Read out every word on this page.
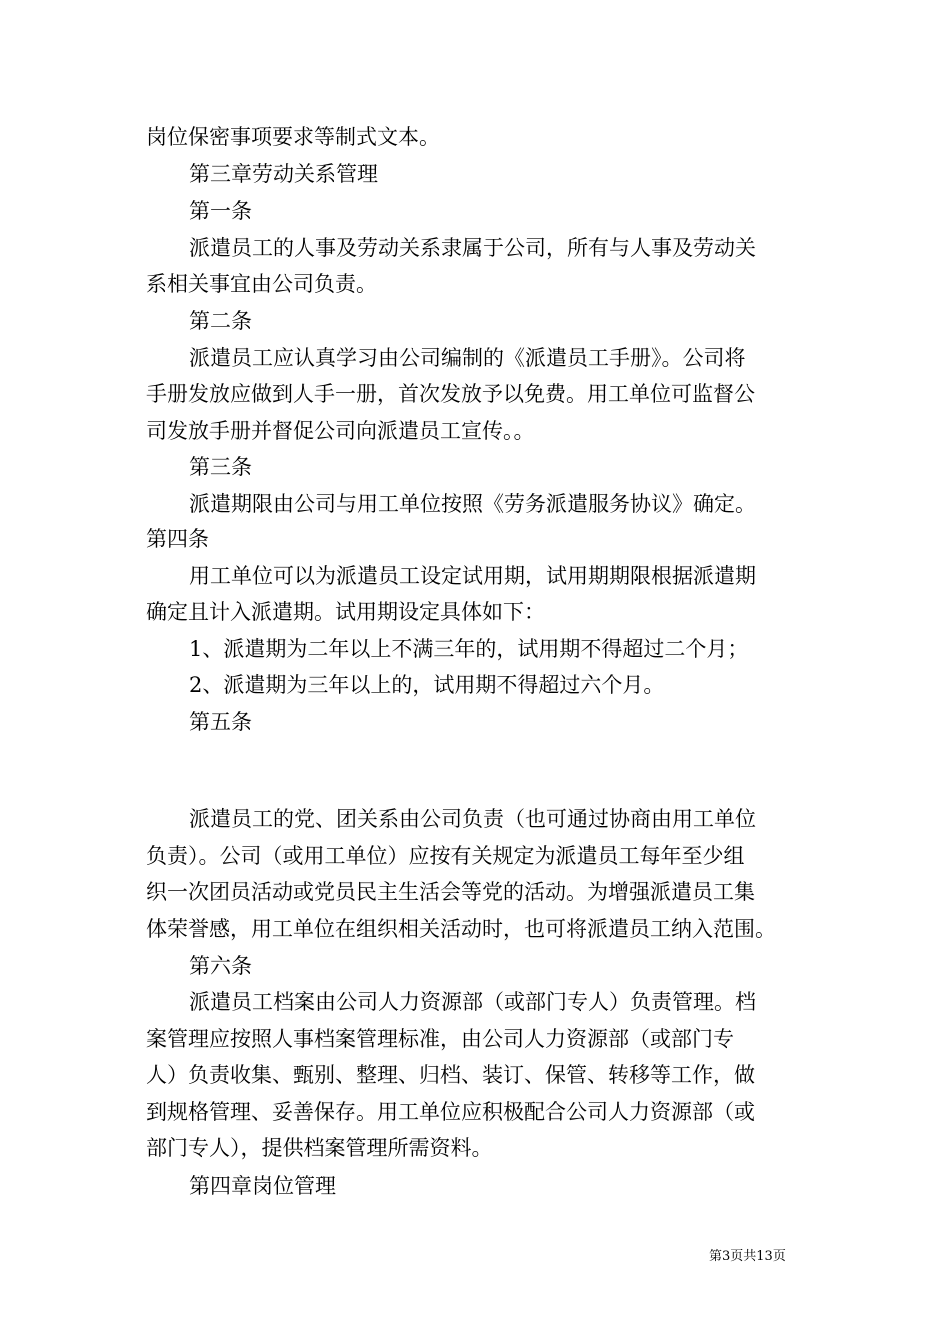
岗位保密事项要求等制式文本。
第三章劳动关系管理
第一条
派遣员工的人事及劳动关系隶属于公司，所有与人事及劳动关
系相关事宜由公司负责。
第二条
派遣员工应认真学习由公司编制的《派遣员工手册》。公司将
手册发放应做到人手一册，首次发放予以免费。用工单位可监督公
司发放手册并督促公司向派遣员工宣传。。
第三条
派遣期限由公司与用工单位按照《劳务派遣服务协议》确定。
第四条
用工单位可以为派遣员工设定试用期，试用期期限根据派遣期
确定且计入派遣期。试用期设定具体如下：
1、派遣期为二年以上不满三年的，试用期不得超过二个月；
2、派遣期为三年以上的，试用期不得超过六个月。
第五条
派遣员工的党、团关系由公司负责（也可通过协商由用工单位
负责）。公司（或用工单位）应按有关规定为派遣员工每年至少组
织一次团员活动或党员民主生活会等党的活动。为增强派遣员工集
体荣誉感，用工单位在组织相关活动时，也可将派遣员工纳入范围。
第六条
派遣员工档案由公司人力资源部（或部门专人）负责管理。档
案管理应按照人事档案管理标准，由公司人力资源部（或部门专
人）负责收集、甄别、整理、归档、装订、保管、转移等工作，做
到规格管理、妥善保存。用工单位应积极配合公司人力资源部（或
部门专人），提供档案管理所需资料。
第四章岗位管理
第3页共13页
